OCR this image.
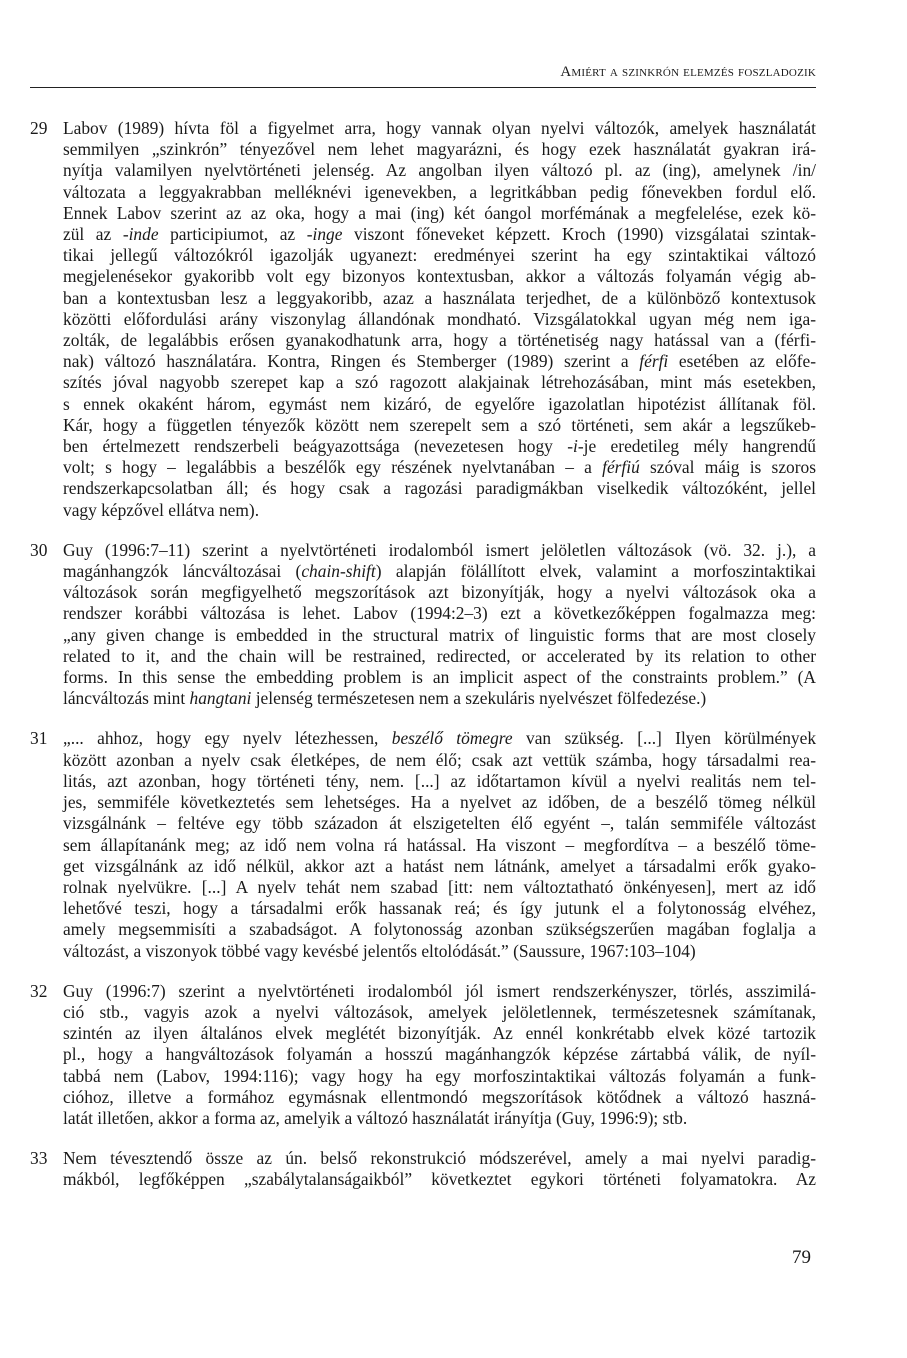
Amiért a szinkrón elemzés foszladozik
29 Labov (1989) hívta föl a figyelmet arra, hogy vannak olyan nyelvi változók, amelyek használatát
semmilyen „szinkrón” tényezővel nem lehet magyarázni, és hogy ezek használatát gyakran irá-
nyítja valamilyen nyelvtörténeti jelenség. Az angolban ilyen változó pl. az (ing), amelynek /in/
változata a leggyakrabban melléknévi igenevekben, a legritkábban pedig főnevekben fordul elő.
Ennek Labov szerint az az oka, hogy a mai (ing) két óangol morfémának a megfelelése, ezek kö-
zül az -inde participiumot, az -inge viszont főneveket képzett. Kroch (1990) vizsgálatai szintak-
tikai jellegű változókról igazolják ugyanezt: eredményei szerint ha egy szintaktikai változó
megjelenésekor gyakoribb volt egy bizonyos kontextusban, akkor a változás folyamán végig ab-
ban a kontextusban lesz a leggyakoribb, azaz a használata terjedhet, de a különböző kontextusok
közötti előfordulási arány viszonylag állandónak mondható. Vizsgálatokkal ugyan még nem iga-
zolták, de legalábbis erősen gyanakodhatunk arra, hogy a történetiség nagy hatással van a (férfi-
nak) változó használatára. Kontra, Ringen és Stemberger (1989) szerint a férfi esetében az előfe-
szítés jóval nagyobb szerepet kap a szó ragozott alakjainak létrehozásában, mint más esetekben,
s ennek okaként három, egymást nem kizáró, de egyelőre igazolatlan hipotézist állítanak föl.
Kár, hogy a független tényezők között nem szerepelt sem a szó történeti, sem akár a legszűkeb-
ben értelmezett rendszerbeli beágyazottsága (nevezetesen hogy -i-je eredetileg mély hangrendű
volt; s hogy – legalábbis a beszélők egy részének nyelvtanában – a férfiú szóval máig is szoros
rendszerkapcsolatban áll; és hogy csak a ragozási paradigmákban viselkedik változóként, jellel
vagy képzővel ellátva nem).
30 Guy (1996:7–11) szerint a nyelvtörténeti irodalomból ismert jelöletlen változások (vö. 32. j.), a
magánhangzók láncváltozásai (chain-shift) alapján fölállított elvek, valamint a morfoszintaktikai
változások során megfigyelhető megszorítások azt bizonyítják, hogy a nyelvi változások oka a
rendszer korábbi változása is lehet. Labov (1994:2–3) ezt a következőképpen fogalmazza meg:
„any given change is embedded in the structural matrix of linguistic forms that are most closely
related to it, and the chain will be restrained, redirected, or accelerated by its relation to other
forms. In this sense the embedding problem is an implicit aspect of the constraints problem.” (A
láncváltozás mint hangtani jelenség természetesen nem a szekuláris nyelvészet fölfedezése.)
31 „... ahhoz, hogy egy nyelv létezhessen, beszélő tömegre van szükség. [...] Ilyen körülmények
között azonban a nyelv csak életképes, de nem élő; csak azt vettük számba, hogy társadalmi rea-
litás, azt azonban, hogy történeti tény, nem. [...] az időtartamon kívül a nyelvi realitás nem tel-
jes, semmiféle következtetés sem lehetséges. Ha a nyelvet az időben, de a beszélő tömeg nélkül
vizsgálnánk – feltéve egy több századon át elszigetelten élő egyént –, talán semmiféle változást
sem állapítanánk meg; az idő nem volna rá hatással. Ha viszont – megfordítva – a beszélő töme-
get vizsgálnánk az idő nélkül, akkor azt a hatást nem látnánk, amelyet a társadalmi erők gyako-
rolnak nyelvükre. [...] A nyelv tehát nem szabad [itt: nem változtatható önkényesen], mert az idő
lehetővé teszi, hogy a társadalmi erők hassanak reá; és így jutunk el a folytonosság elvéhez,
amely megsemmisíti a szabadságot. A folytonosság azonban szükségszerűen magában foglalja a
változást, a viszonyok többé vagy kevésbé jelentős eltolódását.” (Saussure, 1967:103–104)
32 Guy (1996:7) szerint a nyelvtörténeti irodalomból jól ismert rendszerkényszer, törlés, asszimilá-
ció stb., vagyis azok a nyelvi változások, amelyek jelöletlennek, természetesnek számítanak,
szintén az ilyen általános elvek meglétét bizonyítják. Az ennél konkrétabb elvek közé tartozik
pl., hogy a hangváltozások folyamán a hosszú magánhangzók képzése zártabbá válik, de nyíl-
tabbá nem (Labov, 1994:116); vagy hogy ha egy morfoszintaktikai változás folyamán a funk-
cióhoz, illetve a formához egymásnak ellentmondó megszorítások kötődnek a változó haszná-
latát illetően, akkor a forma az, amelyik a változó használatát irányítja (Guy, 1996:9); stb.
33 Nem tévesztendő össze az ún. belső rekonstrukció módszerével, amely a mai nyelvi paradig-
mákból, legfőképpen „szabálytalanságaikból” következtet egykori történeti folyamatokra. Az
79
